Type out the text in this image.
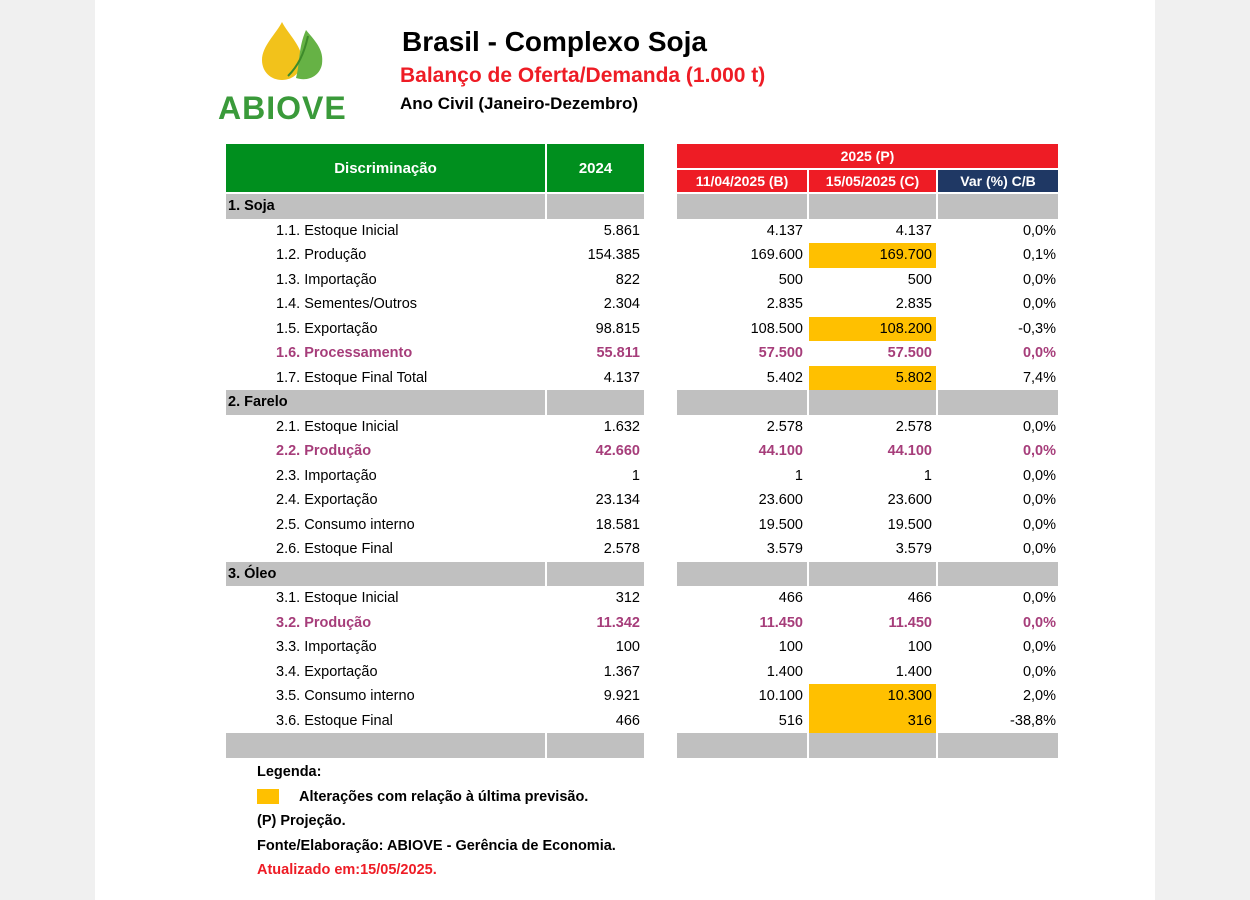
ABIOVE
Brasil - Complexo Soja
Balanço de Oferta/Demanda (1.000 t)
Ano Civil (Janeiro-Dezembro)
Discriminação	2024
2025 (P)
11/04/2025 (B)	15/05/2025 (C)	Var (%) C/B
1. Soja
1.1. Estoque Inicial	5.861	4.137	4.137	0,0%
1.2. Produção	154.385	169.600	169.700	0,1%
1.3. Importação	822	500	500	0,0%
1.4. Sementes/Outros	2.304	2.835	2.835	0,0%
1.5. Exportação	98.815	108.500	108.200	-0,3%
1.6. Processamento	55.811	57.500	57.500	0,0%
1.7. Estoque Final Total	4.137	5.402	5.802	7,4%
2. Farelo
2.1. Estoque Inicial	1.632	2.578	2.578	0,0%
2.2. Produção	42.660	44.100	44.100	0,0%
2.3. Importação	1	1	1	0,0%
2.4. Exportação	23.134	23.600	23.600	0,0%
2.5. Consumo interno	18.581	19.500	19.500	0,0%
2.6. Estoque Final	2.578	3.579	3.579	0,0%
3. Óleo
3.1. Estoque Inicial	312	466	466	0,0%
3.2. Produção	11.342	11.450	11.450	0,0%
3.3. Importação	100	100	100	0,0%
3.4. Exportação	1.367	1.400	1.400	0,0%
3.5. Consumo interno	9.921	10.100	10.300	2,0%
3.6. Estoque Final	466	516	316	-38,8%
Legenda:
Alterações com relação à última previsão.
(P) Projeção.
Fonte/Elaboração: ABIOVE - Gerência de Economia.
Atualizado em:15/05/2025.
